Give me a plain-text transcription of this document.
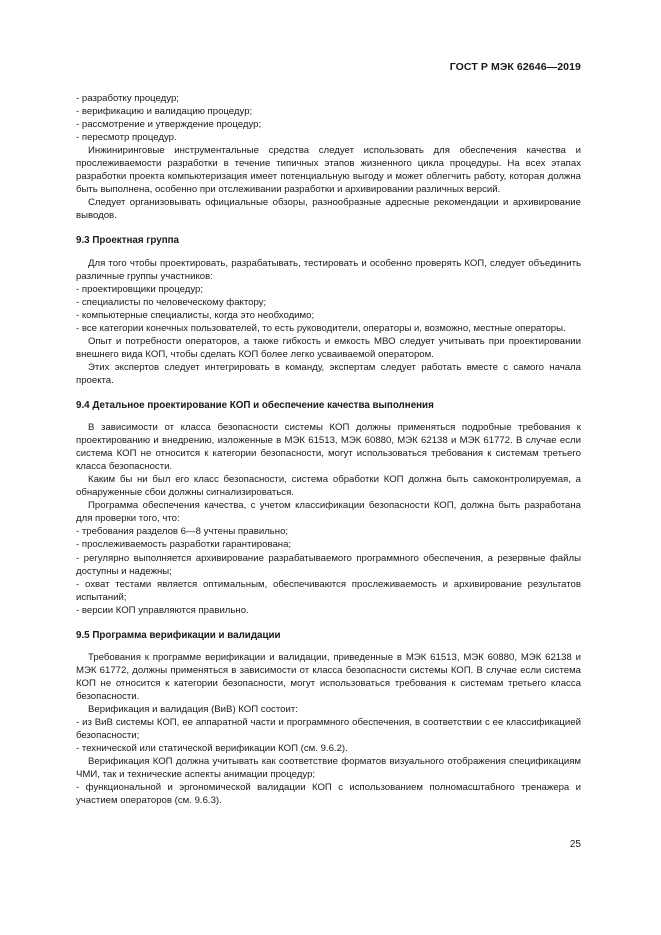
ГОСТ Р МЭК 62646—2019

- разработку процедур;

- верификацию и валидацию процедур;

- рассмотрение и утверждение процедур;

- пересмотр процедур.

Инжиниринговые инструментальные средства следует использовать для обеспечения качества и прослеживаемости разработки в течение типичных этапов жизненного цикла процедуры. На всех этапах разработки проекта компьютеризация имеет потенциальную выгоду и может облегчить работу, которая должна быть выполнена, особенно при отслеживании разработки и архивировании различных версий.

Следует организовывать официальные обзоры, разнообразные адресные рекомендации и архивирование выводов.

9.3 Проектная группа

Для того чтобы проектировать, разрабатывать, тестировать и особенно проверять КОП, следует объединить различные группы участников:

- проектировщики процедур;

- специалисты по человеческому фактору;

- компьютерные специалисты, когда это необходимо;

- все категории конечных пользователей, то есть руководители, операторы и, возможно, местные операторы.

Опыт и потребности операторов, а также гибкость и емкость МВО следует учитывать при проектировании внешнего вида КОП, чтобы сделать КОП более легко усваиваемой оператором.

Этих экспертов следует интегрировать в команду, экспертам следует работать вместе с самого начала проекта.

9.4 Детальное проектирование КОП и обеспечение качества выполнения

В зависимости от класса безопасности системы КОП должны применяться подробные требования к проектированию и внедрению, изложенные в МЭК 61513, МЭК 60880, МЭК 62138 и МЭК 61772. В случае если система КОП не относится к категории безопасности, могут использоваться требования к системам третьего класса безопасности.

Каким бы ни был его класс безопасности, система обработки КОП должна быть самоконтролируемая, а обнаруженные сбои должны сигнализироваться.

Программа обеспечения качества, с учетом классификации безопасности КОП, должна быть разработана для проверки того, что:

- требования разделов 6—8 учтены правильно;

- прослеживаемость разработки гарантирована;

- регулярно выполняется архивирование разрабатываемого программного обеспечения, а резервные файлы доступны и надежны;

- охват тестами является оптимальным, обеспечиваются прослеживаемость и архивирование результатов испытаний;

- версии КОП управляются правильно.

9.5 Программа верификации и валидации

Требования к программе верификации и валидации, приведенные в МЭК 61513, МЭК 60880, МЭК 62138 и МЭК 61772, должны применяться в зависимости от класса безопасности системы КОП. В случае если система КОП не относится к категории безопасности, могут использоваться требования к системам третьего класса безопасности.

Верификация и валидация (ВиВ) КОП состоит:

- из ВиВ системы КОП, ее аппаратной части и программного обеспечения, в соответствии с ее классификацией безопасности;

- технической или статической верификации КОП (см. 9.6.2).

Верификация КОП должна учитывать как соответствие форматов визуального отображения спецификациям ЧМИ, так и технические аспекты анимации процедур;

- функциональной и эргономической валидации КОП с использованием полномасштабного тренажера и участием операторов (см. 9.6.3).

25
